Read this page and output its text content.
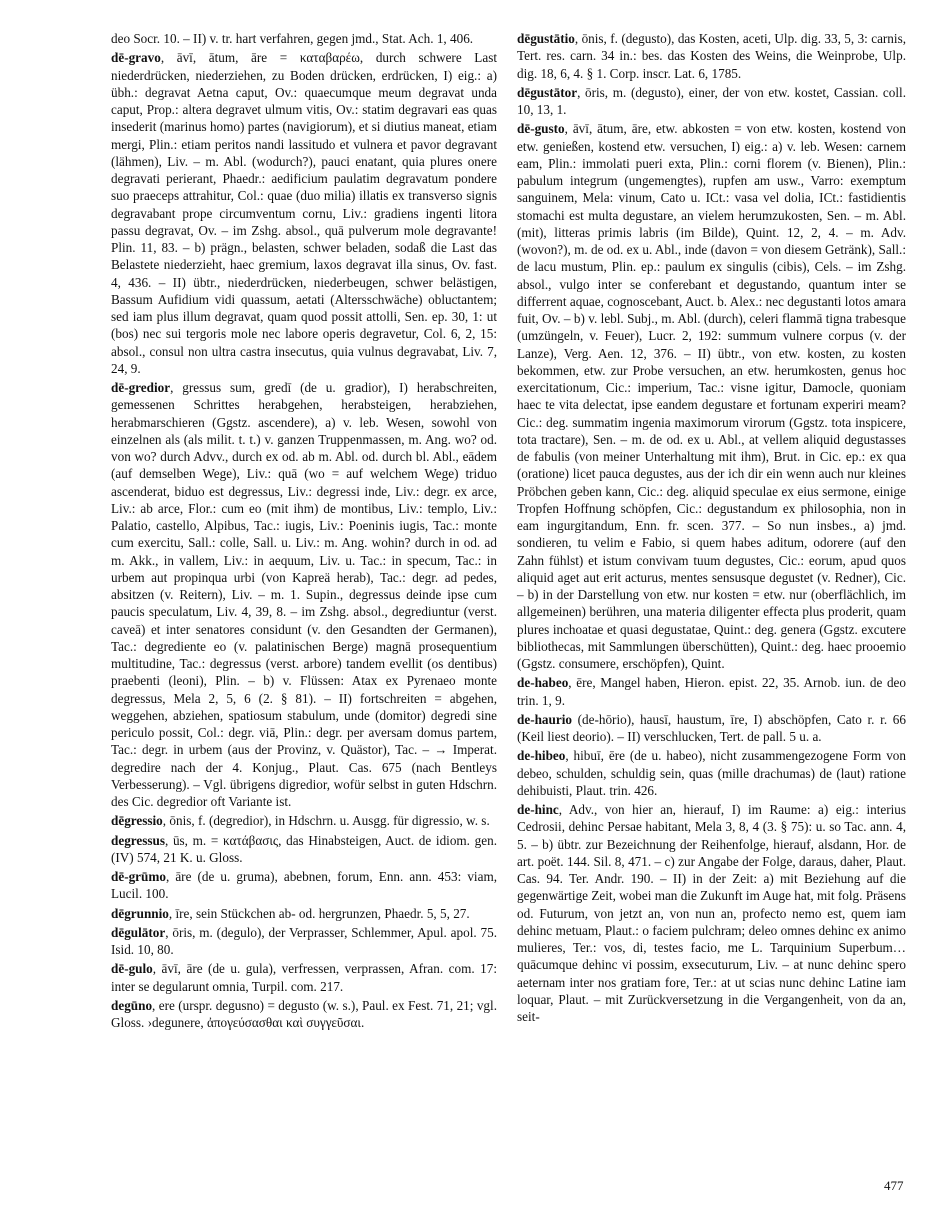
deo Socr. 10. – II) v. tr. hart verfahren, gegen jmd., Stat. Ach. 1, 406.

dē-gravo, āvī, ātum, āre = καταβαρέω, durch schwere Last niederdrücken, niederziehen, zu Boden drücken, erdrücken, I) eig.: a) übh.: degravat Aetna caput, Ov.: quaecumque meum degravat unda caput, Prop.: altera degravet ulmum vitis, Ov.: statim degravari eas quas insederit (marinus homo) partes (navigiorum), et si diutius maneat, etiam mergi, Plin.: etiam peritos nandi lassitudo et vulnera et pavor degravant (lähmen), Liv. – m. Abl. (wodurch?), pauci enatant, quia plures onere degravati perierant, Phaedr.: aedificium paulatim degravatum pondere suo praeceps attrahitur, Col.: quae (duo milia) illatis ex transverso signis degravabant prope circumventum cornu, Liv.: gradiens ingenti litora passu degravat, Ov. – im Zshg. absol., quā pulverum mole degravante! Plin. 11, 83. – b) prägn., belasten, schwer beladen, sodaß die Last das Belastete niederzieht, haec gremium, laxos degravat illa sinus, Ov. fast. 4, 436. – II) übtr., niederdrücken, niederbeugen, schwer belästigen, Bassum Aufidium vidi quassum, aetati (Altersschwäche) obluctantem; sed iam plus illum degravat, quam quod possit attolli, Sen. ep. 30, 1: ut (bos) nec sui tergoris mole nec labore operis degravetur, Col. 6, 2, 15: absol., consul non ultra castra insecutus, quia vulnus degravabat, Liv. 7, 24, 9.

dē-gredior, gressus sum, gredī (de u. gradior), I) herabschreiten, gemessenen Schrittes herabgehen, herabsteigen, herabziehen, herabmarschieren (Ggstz. ascendere), a) v. leb. Wesen, sowohl von einzelnen als (als milit. t. t.) v. ganzen Truppenmassen, m. Ang. wo? od. von wo? durch Advv., durch ex od. ab m. Abl. od. durch bl. Abl., eādem (auf demselben Wege), Liv.: quā (wo = auf welchem Wege) triduo ascenderat, biduo est degressus, Liv.: degressi inde, Liv.: degr. ex arce, Liv.: ab arce, Flor.: cum eo (mit ihm) de montibus, Liv.: templo, Liv.: Palatio, castello, Alpibus, Tac.: iugis, Liv.: Poeninis iugis, Tac.: monte cum exercitu, Sall.: colle, Sall. u. Liv.: m. Ang. wohin? durch in od. ad m. Akk., in vallem, Liv.: in aequum, Liv. u. Tac.: in specum, Tac.: in urbem aut propinqua urbi (von Kapreä herab), Tac.: degr. ad pedes, absitzen (v. Reitern), Liv. – m. 1. Supin., degressus deinde ipse cum paucis speculatum, Liv. 4, 39, 8. – im Zshg. absol., degrediuntur (verst. caveā) et inter senatores considunt (v. den Gesandten der Germanen), Tac.: degrediente eo (v. palatinischen Berge) magnā prosequentium multitudine, Tac.: degressus (verst. arbore) tandem evellit (os dentibus) praebenti (leoni), Plin. – b) v. Flüssen: Atax ex Pyrenaeo monte degressus, Mela 2, 5, 6 (2. § 81). – II) fortschreiten = abgehen, weggehen, abziehen, spatiosum stabulum, unde (domitor) degredi sine periculo possit, Col.: degr. viā, Plin.: degr. per aversam domus partem, Tac.: degr. in urbem (aus der Provinz, v. Quästor), Tac. – → Imperat. degredire nach der 4. Konjug., Plaut. Cas. 675 (nach Bentleys Verbesserung). – Vgl. übrigens digredior, wofür selbst in guten Hdschrn. des Cic. degredior oft Variante ist.

dēgressio, ōnis, f. (degredior), in Hdschrn. u. Ausgg. für digressio, w. s.

degressus, ūs, m. = κατάβασις, das Hinabsteigen, Auct. de idiom. gen. (IV) 574, 21 K. u. Gloss.

dē-grūmo, āre (de u. gruma), abebnen, forum, Enn. ann. 453: viam, Lucil. 100.

dēgrunnio, īre, sein Stückchen ab- od. hergrunzen, Phaedr. 5, 5, 27.

dēgulātor, ōris, m. (degulo), der Verprasser, Schlemmer, Apul. apol. 75. Isid. 10, 80.

dē-gulo, āvī, āre (de u. gula), verfressen, verprassen, Afran. com. 17: inter se degularunt omnia, Turpil. com. 217.

degūno, ere (urspr. degusno) = degusto (w. s.), Paul. ex Fest. 71, 21; vgl. Gloss. ›degunere, ἀπογεύσασθαι καὶ συγγεῦσαι.

dēgustātio, ōnis, f. (degusto), das Kosten, aceti, Ulp. dig. 33, 5, 3: carnis, Tert. res. carn. 34 in.: bes. das Kosten des Weins, die Weinprobe, Ulp. dig. 18, 6, 4. § 1. Corp. inscr. Lat. 6, 1785.

dēgustātor, ōris, m. (degusto), einer, der von etw. kostet, Cassian. coll. 10, 13, 1.

dē-gusto, āvī, ātum, āre, etw. abkosten = von etw. kosten, kostend von etw. genießen, kostend etw. versuchen, I) eig.: a) v. leb. Wesen: carnem eam, Plin.: immolati pueri exta, Plin.: corni florem (v. Bienen), Plin.: pabulum integrum (ungemengtes), rupfen am usw., Varro: exemptum sanguinem, Mela: vinum, Cato u. ICt.: vasa vel dolia, ICt.: fastidientis stomachi est multa degustare, an vielem herumzukosten, Sen. – m. Abl. (mit), litteras primis labris (im Bilde), Quint. 12, 2, 4. – m. Adv. (wovon?), m. de od. ex u. Abl., inde (davon = von diesem Getränk), Sall.: de lacu mustum, Plin. ep.: paulum ex singulis (cibis), Cels. – im Zshg. absol., vulgo inter se conferebant et degustando, quantum inter se differrent aquae, cognoscebant, Auct. b. Alex.: nec degustanti lotos amara fuit, Ov. – b) v. lebl. Subj., m. Abl. (durch), celeri flammā tigna trabesque (umzüngeln, v. Feuer), Lucr. 2, 192: summum vulnere corpus (v. der Lanze), Verg. Aen. 12, 376. – II) übtr., von etw. kosten, zu kosten bekommen, etw. zur Probe versuchen, an etw. herumkosten, genus hoc exercitationum, Cic.: imperium, Tac.: visne igitur, Damocle, quoniam haec te vita delectat, ipse eandem degustare et fortunam experiri meam? Cic.: deg. summatim ingenia maximorum virorum (Ggstz. tota inspicere, tota tractare), Sen. – m. de od. ex u. Abl., at vellem aliquid degustasses de fabulis (von meiner Unterhaltung mit ihm), Brut. in Cic. ep.: ex qua (oratione) licet pauca degustes, aus der ich dir ein wenn auch nur kleines Pröbchen geben kann, Cic.: deg. aliquid speculae ex eius sermone, einige Tropfen Hoffnung schöpfen, Cic.: degustandum ex philosophia, non in eam ingurgitandum, Enn. fr. scen. 377. – So nun insbes., a) jmd. sondieren, tu velim e Fabio, si quem habes aditum, odorere (auf den Zahn fühlst) et istum convivam tuum degustes, Cic.: eorum, apud quos aliquid aget aut erit acturus, mentes sensusque degustet (v. Redner), Cic. – b) in der Darstellung von etw. nur kosten = etw. nur (oberflächlich, im allgemeinen) berühren, una materia diligenter effecta plus proderit, quam plures inchoatae et quasi degustatae, Quint.: deg. genera (Ggstz. excutere bibliothecas, mit Sammlungen überschütten), Quint.: deg. haec prooemio (Ggstz. consumere, erschöpfen), Quint.

de-habeo, ēre, Mangel haben, Hieron. epist. 22, 35. Arnob. iun. de deo trin. 1, 9.

de-haurio (de-hōrio), hausī, haustum, īre, I) abschöpfen, Cato r. r. 66 (Keil liest deorio). – II) verschlucken, Tert. de pall. 5 u. a.

de-hibeo, hibuī, ēre (de u. habeo), nicht zusammengezogene Form von debeo, schulden, schuldig sein, quas (mille drachumas) de (laut) ratione dehibuisti, Plaut. trin. 426.

de-hinc, Adv., von hier an, hierauf, I) im Raume: a) eig.: interius Cedrosii, dehinc Persae habitant, Mela 3, 8, 4 (3. § 75): u. so Tac. ann. 4, 5. – b) übtr. zur Bezeichnung der Reihenfolge, hierauf, alsdann, Hor. de art. poët. 144. Sil. 8, 471. – c) zur Angabe der Folge, daraus, daher, Plaut. Cas. 94. Ter. Andr. 190. – II) in der Zeit: a) mit Beziehung auf die gegenwärtige Zeit, wobei man die Zukunft im Auge hat, mit folg. Präsens od. Futurum, von jetzt an, von nun an, profecto nemo est, quem iam dehinc metuam, Plaut.: o faciem pulchram; deleo omnes dehinc ex animo mulieres, Ter.: vos, di, testes facio, me L. Tarquinium Superbum… quācumque dehinc vi possim, exsecuturum, Liv. – at nunc dehinc spero aeternam inter nos gratiam fore, Ter.: at ut scias nunc dehinc Latine iam loquar, Plaut. – mit Zurückversetzung in die Vergangenheit, von da an, seit-

477
